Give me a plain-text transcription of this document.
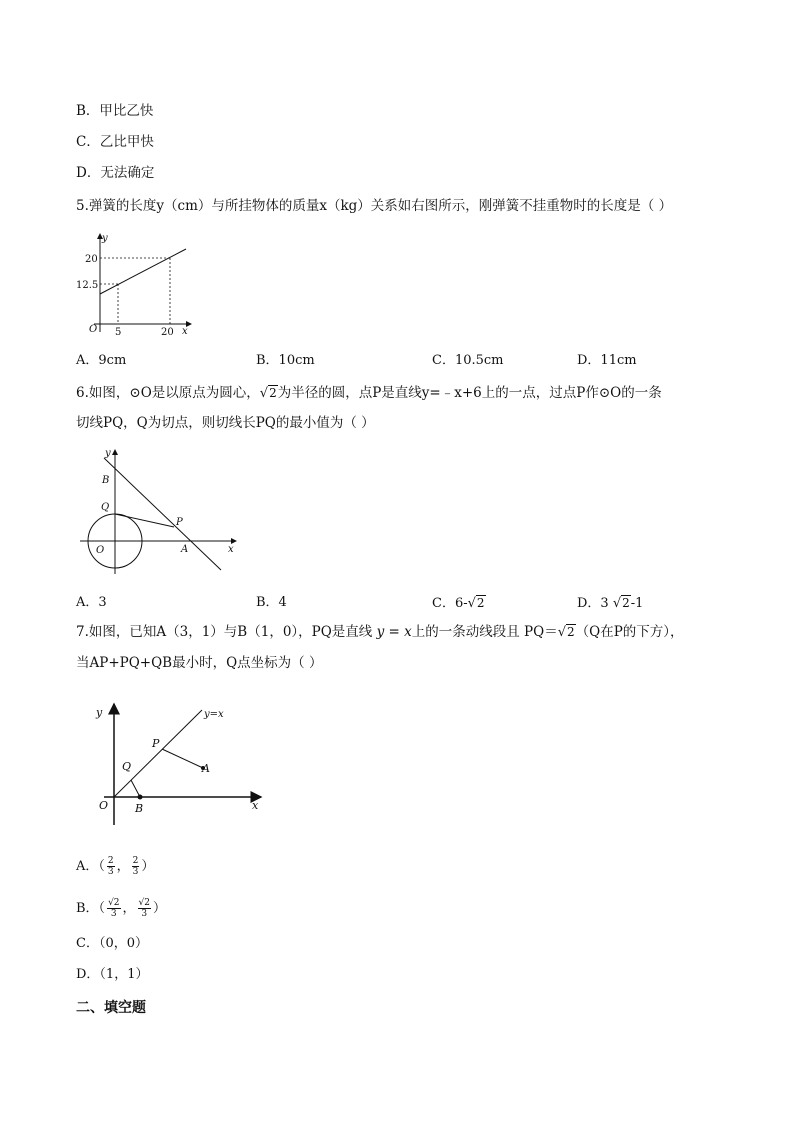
B．甲比乙快
C．乙比甲快
D．无法确定
5.弹簧的长度y（cm）与所挂物体的质量x（kg）关系如右图所示，刚弹簧不挂重物时的长度是（ ）
y
x
O
20
12.5
5	20
A．9cm	B．10cm	C．10.5cm	D．11cm
6.如图，⊙O是以原点为圆心，√2为半径的圆，点P是直线y=﹣x+6上的一点，过点P作⊙O的一条
切线PQ，Q为切点，则切线长PQ的最小值为（ ）
y
x
O
B
Q
P
A
A．3	B．4	C．6-√2	D．3 √2-1
7.如图，已知A（3，1）与B（1，0），PQ是直线 y = x上的一条动线段且 PQ＝√2（Q在P的下方），
当AP+PQ+QB最小时，Q点坐标为（ ）
y
x
O
y=x
P
Q	A
B
A．（ $\frac{2}{3}$ ， $\frac{2}{3}$ ）
B．（ $\frac{√2}{3}$ ， $\frac{√2}{3}$ ）
C．（0，0）
D．（1，1）
二、填空题
